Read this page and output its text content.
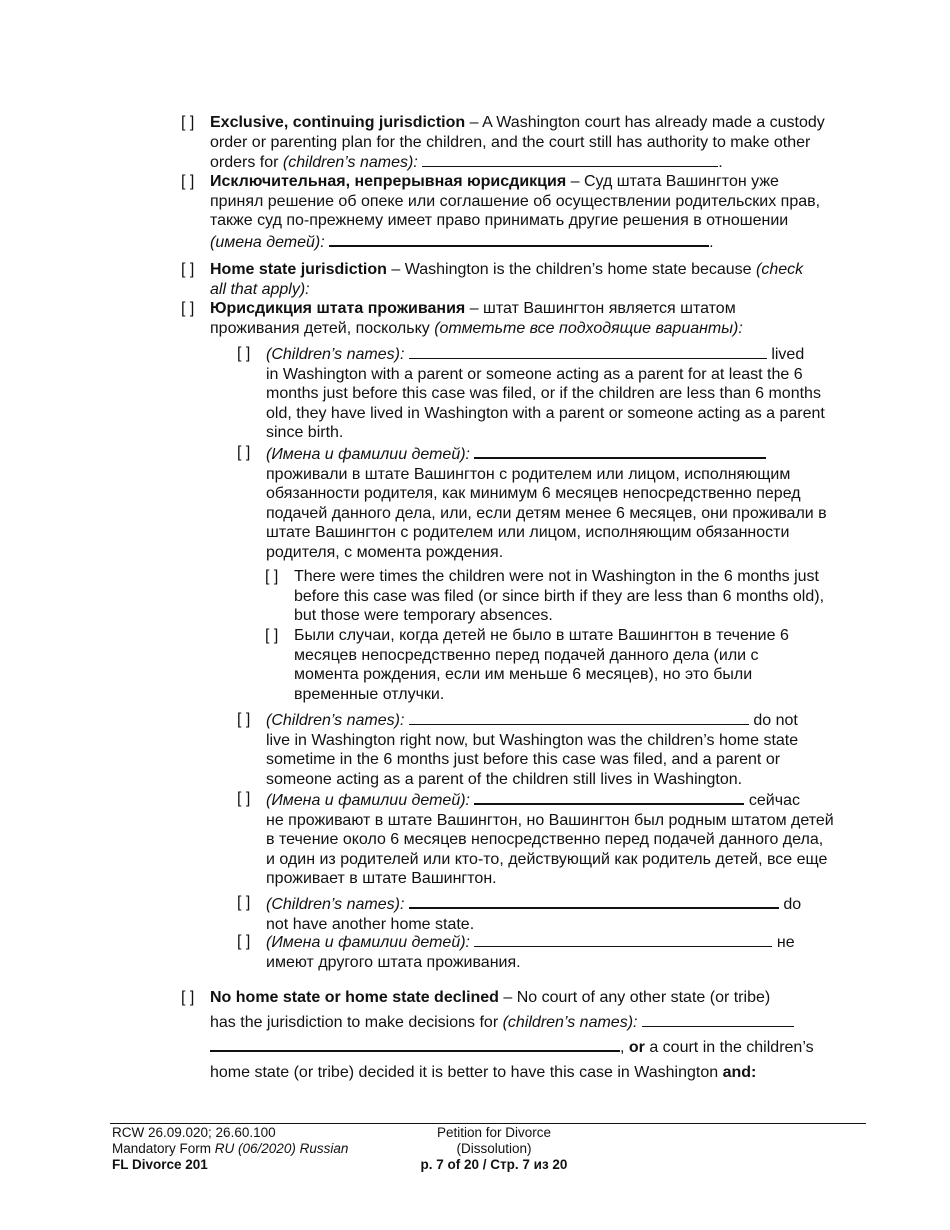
[ ] Exclusive, continuing jurisdiction – A Washington court has already made a custody order or parenting plan for the children, and the court still has authority to make other orders for (children’s names):	.
[ ] Исключительная, непрерывная юрисдикция – Суд штата Вашингтон уже принял решение об опеке или соглашение об осуществлении родительских прав, также суд по-прежнему имеет право принимать другие решения в отношении (имена детей):	.
[ ] Home state jurisdiction – Washington is the children’s home state because (check all that apply):
[ ] Юрисдикция штата проживания – штат Вашингтон является штатом проживания детей, поскольку (отметьте все подходящие варианты):
[ ] (Children’s names):	lived
in Washington with a parent or someone acting as a parent for at least the 6 months just before this case was filed, or if the children are less than 6 months old, they have lived in Washington with a parent or someone acting as a parent since birth.
[ ] (Имена и фамилии детей):
проживали в штате Вашингтон с родителем или лицом, исполняющим обязанности родителя, как минимум 6 месяцев непосредственно перед подачей данного дела, или, если детям менее 6 месяцев, они проживали в штате Вашингтон с родителем или лицом, исполняющим обязанности родителя, с момента рождения.
[ ] There were times the children were not in Washington in the 6 months just before this case was filed (or since birth if they are less than 6 months old), but those were temporary absences.
[ ] Были случаи, когда детей не было в штате Вашингтон в течение 6 месяцев непосредственно перед подачей данного дела (или с момента рождения, если им меньше 6 месяцев), но это были временные отлучки.
[ ] (Children’s names):	do not
live in Washington right now, but Washington was the children’s home state sometime in the 6 months just before this case was filed, and a parent or someone acting as a parent of the children still lives in Washington.
[ ] (Имена и фамилии детей):	сейчас
не проживают в штате Вашингтон, но Вашингтон был родным штатом детей в течение около 6 месяцев непосредственно перед подачей данного дела, и один из родителей или кто-то, действующий как родитель детей, все еще проживает в штате Вашингтон.
[ ] (Children’s names):	do
not have another home state.
[ ] (Имена и фамилии детей):	не
имеют другого штата проживания.
[ ] No home state or home state declined – No court of any other state (or tribe)
has the jurisdiction to make decisions for (children’s names):
, or a court in the children’s
home state (or tribe) decided it is better to have this case in Washington and:
RCW 26.09.020; 26.60.100
Mandatory Form RU (06/2020) Russian
FL Divorce 201
Petition for Divorce
(Dissolution)
p. 7 of 20 / Стр. 7 из 20
